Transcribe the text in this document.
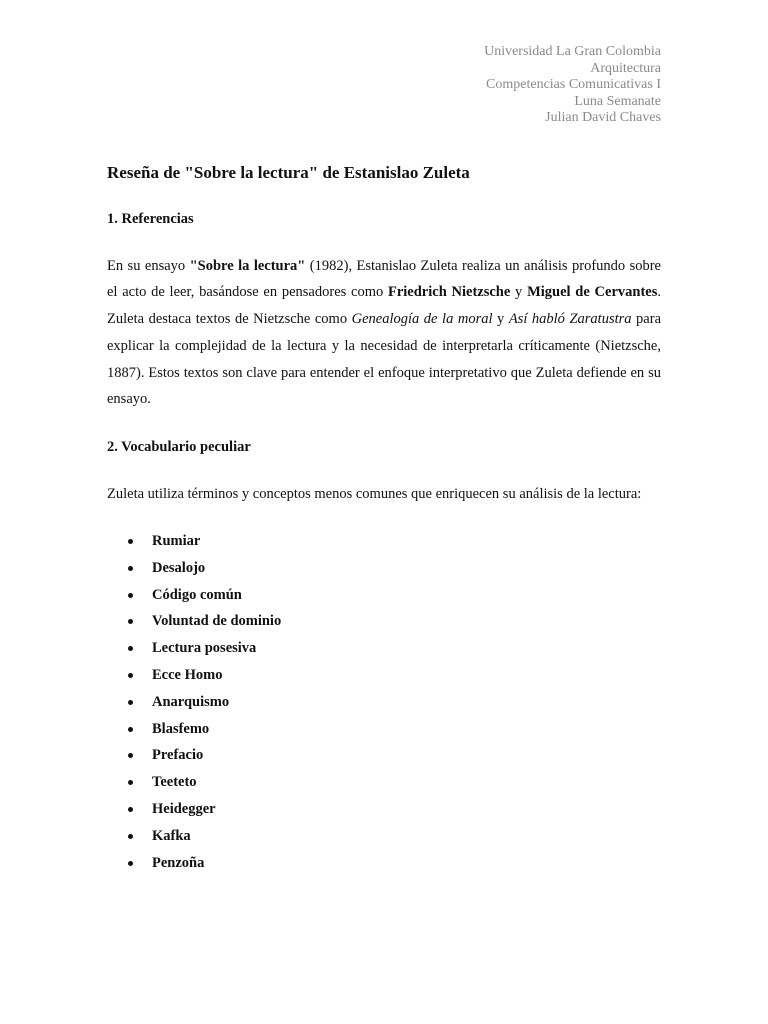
Universidad La Gran Colombia
Arquitectura
Competencias Comunicativas I
Luna Semanate
Julian David Chaves
Reseña de "Sobre la lectura" de Estanislao Zuleta
1. Referencias

En su ensayo "Sobre la lectura" (1982), Estanislao Zuleta realiza un análisis profundo sobre el acto de leer, basándose en pensadores como Friedrich Nietzsche y Miguel de Cervantes. Zuleta destaca textos de Nietzsche como Genealogía de la moral y Así habló Zaratustra para explicar la complejidad de la lectura y la necesidad de interpretarla críticamente (Nietzsche, 1887). Estos textos son clave para entender el enfoque interpretativo que Zuleta defiende en su ensayo.

2. Vocabulario peculiar

Zuleta utiliza términos y conceptos menos comunes que enriquecen su análisis de la lectura:

Rumiar
Desalojo
Código común
Voluntad de dominio
Lectura posesiva
Ecce Homo
Anarquismo
Blasfemo
Prefacio
Teeteto
Heidegger
Kafka
Penzoña
